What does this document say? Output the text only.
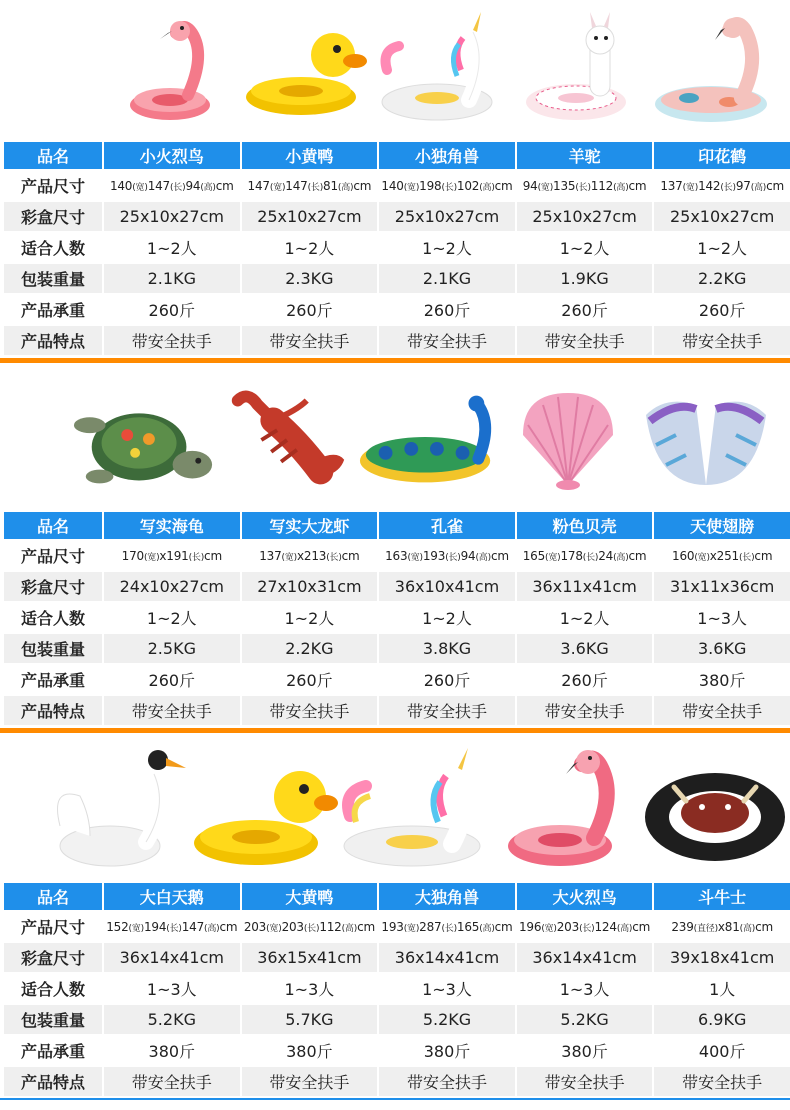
品名	小火烈鸟	小黄鸭	小独角兽	羊驼	印花鹤
产品尺寸	140(宽)147(长)94(高)cm	147(宽)147(长)81(高)cm	140(宽)198(长)102(高)cm	94(宽)135(长)112(高)cm	137(宽)142(长)97(高)cm
彩盒尺寸	25x10x27cm	25x10x27cm	25x10x27cm	25x10x27cm	25x10x27cm
适合人数	1~2人	1~2人	1~2人	1~2人	1~2人
包装重量	2.1KG	2.3KG	2.1KG	1.9KG	2.2KG
产品承重	260斤	260斤	260斤	260斤	260斤
产品特点	带安全扶手	带安全扶手	带安全扶手	带安全扶手	带安全扶手
品名	写实海龟	写实大龙虾	孔雀	粉色贝壳	天使翅膀
产品尺寸	170(宽)x191(长)cm	137(宽)x213(长)cm	163(宽)193(长)94(高)cm	165(宽)178(长)24(高)cm	160(宽)x251(长)cm
彩盒尺寸	24x10x27cm	27x10x31cm	36x10x41cm	36x11x41cm	31x11x36cm
适合人数	1~2人	1~2人	1~2人	1~2人	1~3人
包装重量	2.5KG	2.2KG	3.8KG	3.6KG	3.6KG
产品承重	260斤	260斤	260斤	260斤	380斤
产品特点	带安全扶手	带安全扶手	带安全扶手	带安全扶手	带安全扶手
品名	大白天鹅	大黄鸭	大独角兽	大火烈鸟	斗牛士
产品尺寸	152(宽)194(长)147(高)cm	203(宽)203(长)112(高)cm	193(宽)287(长)165(高)cm	196(宽)203(长)124(高)cm	239(直径)x81(高)cm
彩盒尺寸	36x14x41cm	36x15x41cm	36x14x41cm	36x14x41cm	39x18x41cm
适合人数	1~3人	1~3人	1~3人	1~3人	1人
包装重量	5.2KG	5.7KG	5.2KG	5.2KG	6.9KG
产品承重	380斤	380斤	380斤	380斤	400斤
产品特点	带安全扶手	带安全扶手	带安全扶手	带安全扶手	带安全扶手
